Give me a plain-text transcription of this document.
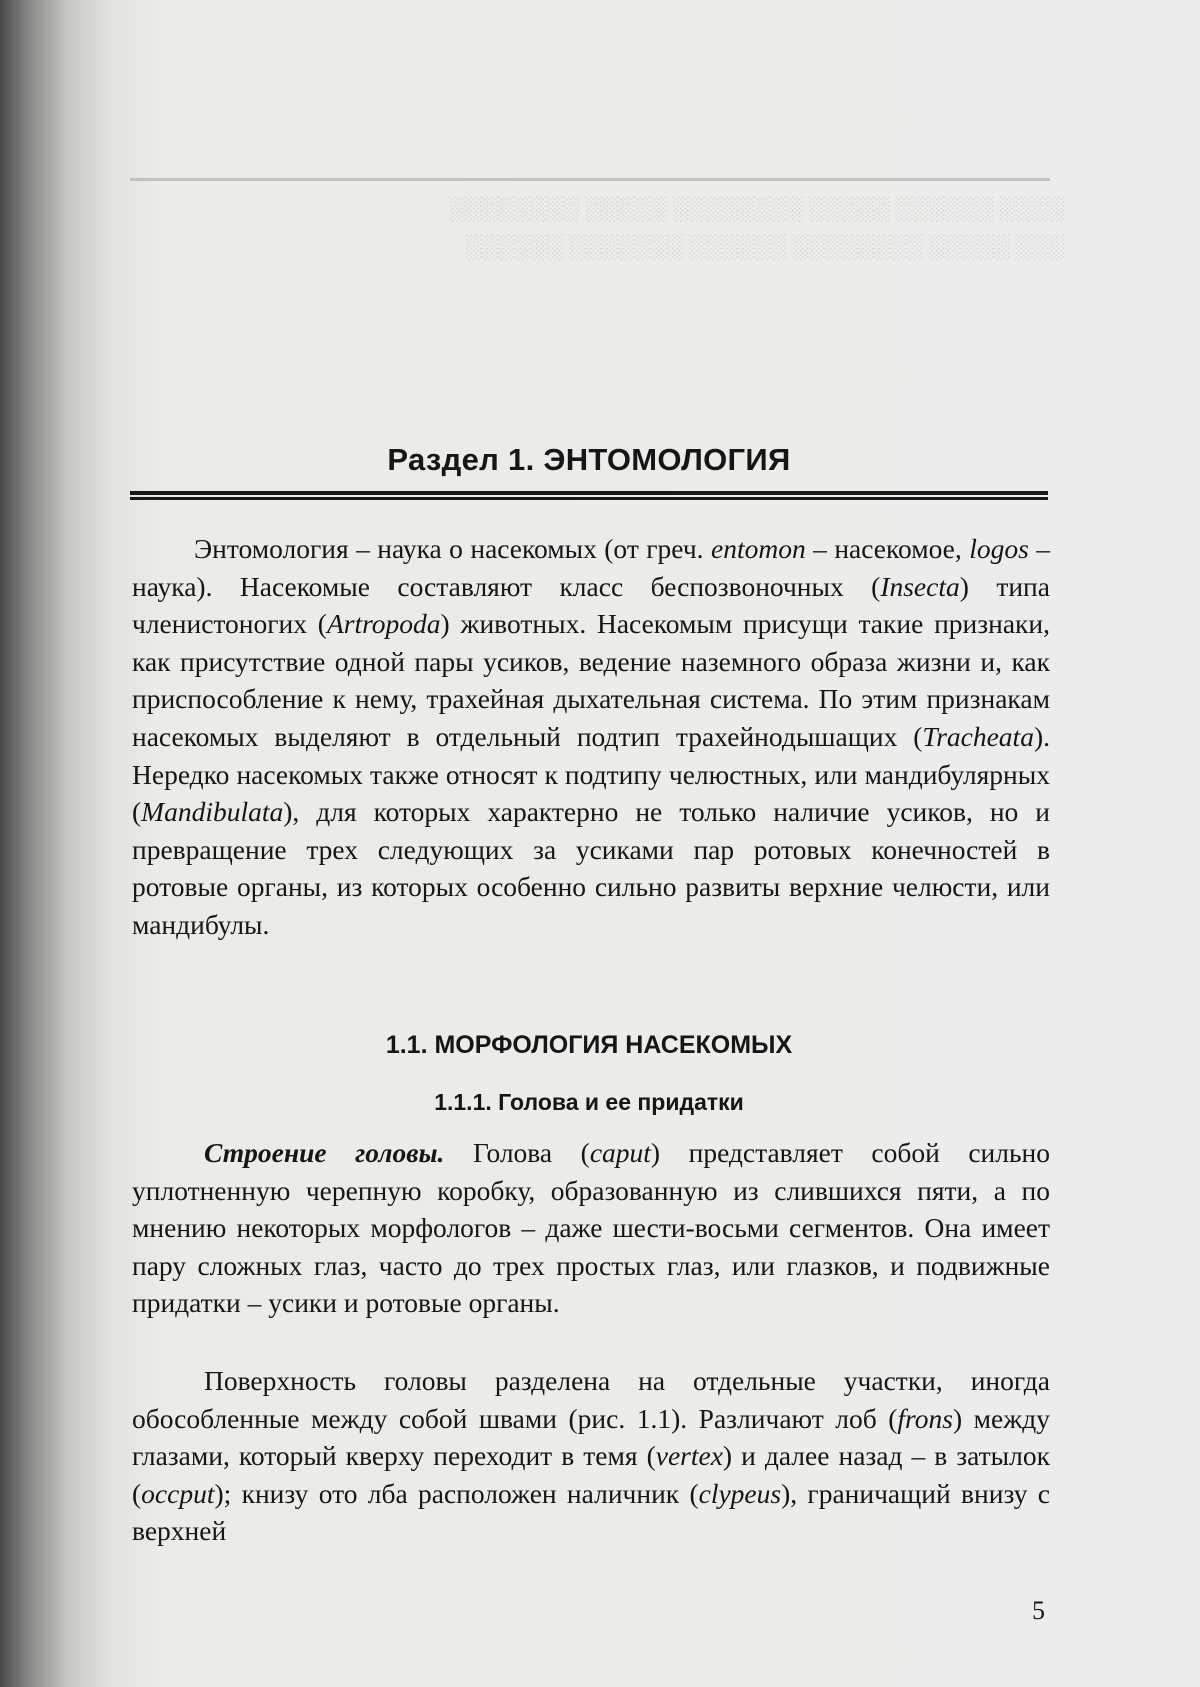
░░░░ ░░░░░░ ░░░░░ ░░░░░░░░ ░░░░░ ░░░░░░░░
░░░ ░░░░░ ░░░░░░░░ ░░░░░░ ░░░░░░░ ░░░░░░
Раздел 1. ЭНТОМОЛОГИЯ

Энтомология – наука о насекомых (от греч. entomon – насекомое, logos – наука). Насекомые составляют класс беспозвоночных (Insecta) типа членистоногих (Artropoda) животных. Насекомым присущи такие признаки, как присутствие одной пары усиков, ведение наземного образа жизни и, как приспособление к нему, трахейная дыхательная система. По этим признакам насекомых выделяют в отдельный подтип трахейнодышащих (Tracheata). Нередко насекомых также относят к подтипу челюстных, или мандибулярных (Mandibulata), для которых характерно не только наличие усиков, но и превращение трех следующих за усиками пар ротовых конечностей в ротовые органы, из которых особенно сильно развиты верхние челюсти, или мандибулы.

1.1. МОРФОЛОГИЯ НАСЕКОМЫХ
1.1.1. Голова и ее придатки

Строение головы. Голова (caput) представляет собой сильно уплотненную черепную коробку, образованную из слившихся пяти, а по мнению некоторых морфологов – даже шести-восьми сегментов. Она имеет пару сложных глаз, часто до трех простых глаз, или глазков, и подвижные придатки – усики и ротовые органы.

Поверхность головы разделена на отдельные участки, иногда обособленные между собой швами (рис. 1.1). Различают лоб (frons) между глазами, который кверху переходит в темя (vertex) и далее назад – в затылок (occput); книзу ото лба расположен наличник (clypeus), граничащий внизу с верхней

5
